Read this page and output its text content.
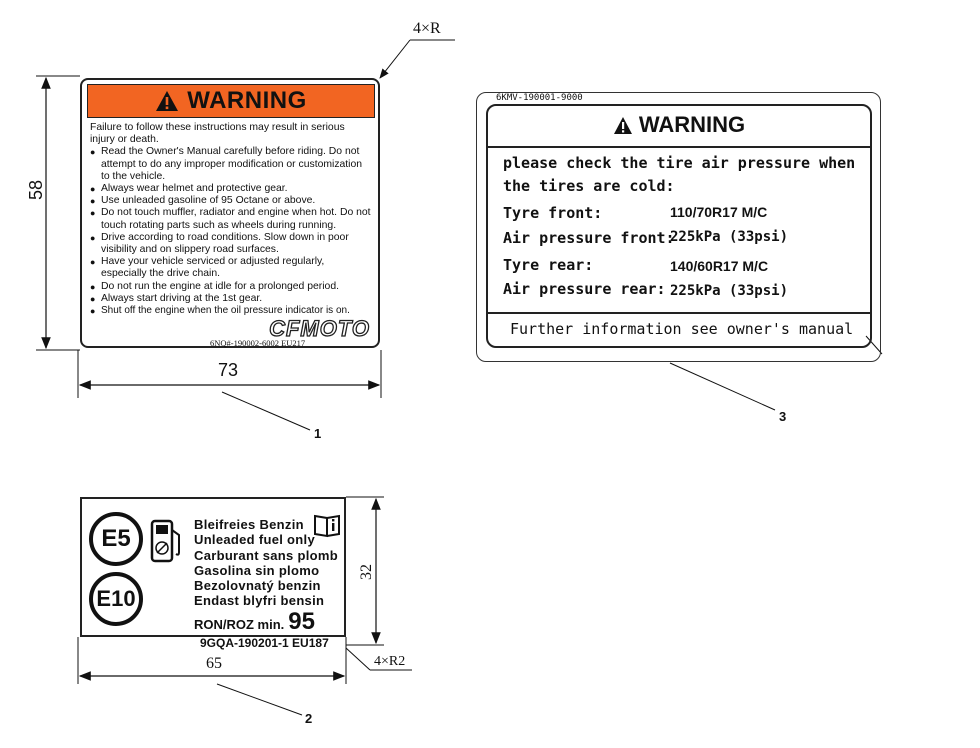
WARNING
Failure to follow these instructions may result in serious injury or death.
● Read the Owner's Manual carefully before riding. Do not attempt to do any improper modification or customization to the vehicle.
● Always wear helmet and protective gear.
● Use unleaded gasoline of 95 Octane or above.
● Do not touch muffler, radiator and engine when hot. Do not touch rotating parts such as wheels during running.
● Drive according to road conditions. Slow down in poor visibility and on slippery road surfaces.
● Have your vehicle serviced or adjusted regularly, especially the drive chain.
● Do not run the engine at idle for a prolonged period.
● Always start driving at the 1st gear.
● Shut off the engine when the oil pressure indicator is on.
CFMOTO
6NQ#-190002-6002 EU217
58
73
4×R
1
6KMV-190001-9000
WARNING
please check the tire air pressure when
the tires are cold:
Tyre front:	110/70R17 M/C
Air pressure front:
225kPa (33psi)
Tyre rear:	140/60R17 M/C
Air pressure rear: 225kPa (33psi)
Further information see owner's manual
3
E5
E10
Bleifreies Benzin
Unleaded fuel only
Carburant sans plomb
Gasolina sin plomo
Bezolovnatý benzin
Endast blyfri bensin
RON/ROZ min. 95
9GQA-190201-1 EU187
32
65	4×R2
2
